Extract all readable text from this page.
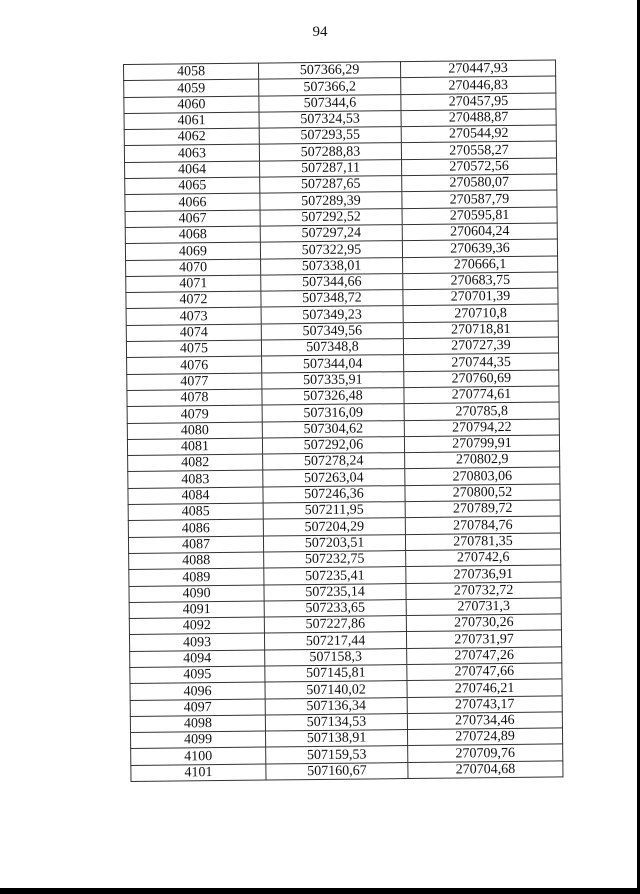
94
4058	507366,29	270447,93
4059	507366,2	270446,83
4060	507344,6	270457,95
4061	507324,53	270488,87
4062	507293,55	270544,92
4063	507288,83	270558,27
4064	507287,11	270572,56
4065	507287,65	270580,07
4066	507289,39	270587,79
4067	507292,52	270595,81
4068	507297,24	270604,24
4069	507322,95	270639,36
4070	507338,01	270666,1
4071	507344,66	270683,75
4072	507348,72	270701,39
4073	507349,23	270710,8
4074	507349,56	270718,81
4075	507348,8	270727,39
4076	507344,04	270744,35
4077	507335,91	270760,69
4078	507326,48	270774,61
4079	507316,09	270785,8
4080	507304,62	270794,22
4081	507292,06	270799,91
4082	507278,24	270802,9
4083	507263,04	270803,06
4084	507246,36	270800,52
4085	507211,95	270789,72
4086	507204,29	270784,76
4087	507203,51	270781,35
4088	507232,75	270742,6
4089	507235,41	270736,91
4090	507235,14	270732,72
4091	507233,65	270731,3
4092	507227,86	270730,26
4093	507217,44	270731,97
4094	507158,3	270747,26
4095	507145,81	270747,66
4096	507140,02	270746,21
4097	507136,34	270743,17
4098	507134,53	270734,46
4099	507138,91	270724,89
4100	507159,53	270709,76
4101	507160,67	270704,68
